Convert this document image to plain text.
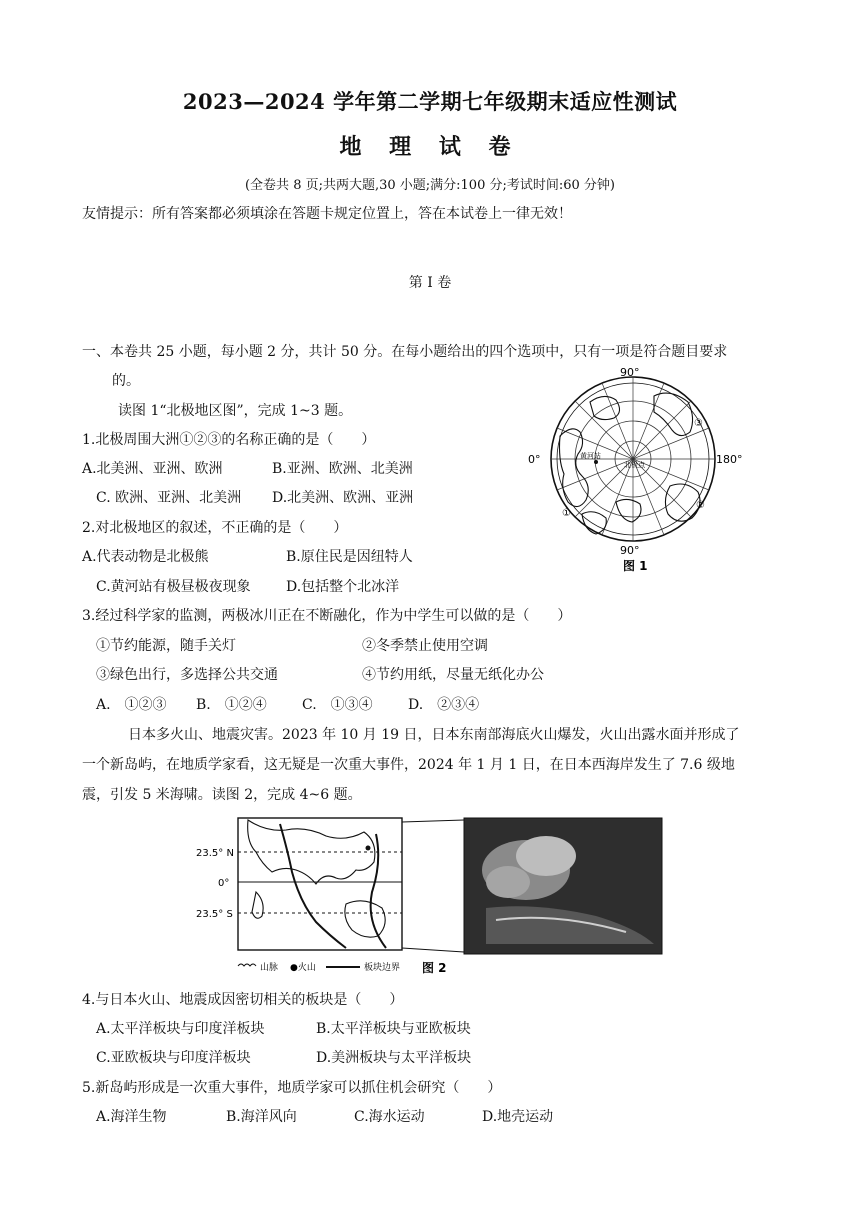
2023—2024 学年第二学期七年级期末适应性测试
地 理 试 卷
(全卷共 8 页;共两大题,30 小题;满分:100 分;考试时间:60 分钟)
友情提示：所有答案都必须填涂在答题卡规定位置上，答在本试卷上一律无效！
第 I 卷
一、本卷共 25 小题，每小题 2 分，共计 50 分。在每小题给出的四个选项中，只有一项是符合题目要求
的。
读图 1“北极地区图”，完成 1~3 题。
1.北极周围大洲①②③的名称正确的是（　　）
A.北美洲、亚洲、欧洲	B.亚洲、欧洲、北美洲
C. 欧洲、亚洲、北美洲 D.北美洲、欧洲、亚洲
2.对北极地区的叙述，不正确的是（　　）
A.代表动物是北极熊	B.原住民是因纽特人
C.黄河站有极昼极夜现象	D.包括整个北冰洋
3.经过科学家的监测，两极冰川正在不断融化，作为中学生可以做的是（　　）
①节约能源，随手关灯	②冬季禁止使用空调
③绿色出行，多选择公共交通	④节约用纸，尽量无纸化办公
A.　①②③ B.　①②④	C.　①③④	D.　②③④
黄河站
北极点
90°
90°
0°	180°
③
②
①
图 1
日本多火山、地震灾害。2023 年 10 月 19 日，日本东南部海底火山爆发，火山出露水面并形成了
一个新岛屿，在地质学家看，这无疑是一次重大事件，2024 年 1 月 1 日，在日本西海岸发生了 7.6 级地
震，引发 5 米海啸。读图 2，完成 4~6 题。
23.5° N
0°
23.5° S
山脉 ●火山	板块边界 图 2
4.与日本火山、地震成因密切相关的板块是（　　）
A.太平洋板块与印度洋板块	B.太平洋板块与亚欧板块
C.亚欧板块与印度洋板块	D.美洲板块与太平洋板块
5.新岛屿形成是一次重大事件，地质学家可以抓住机会研究（　　）
A.海洋生物	B.海洋风向	C.海水运动	D.地壳运动
